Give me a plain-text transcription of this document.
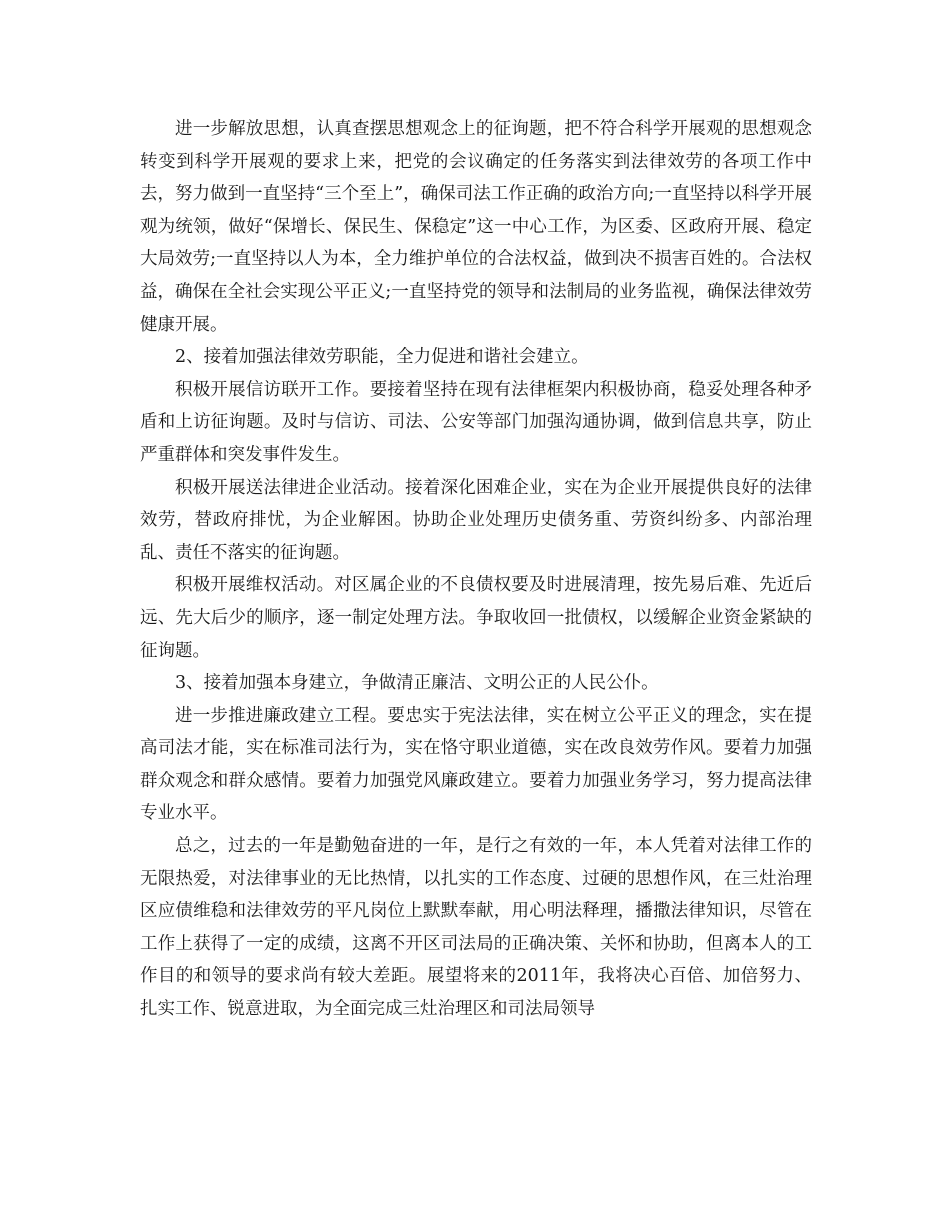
进一步解放思想，认真查摆思想观念上的征询题，把不符合科学开展观的思想观念转变到科学开展观的要求上来，把党的会议确定的任务落实到法律效劳的各项工作中去，努力做到一直坚持“三个至上”，确保司法工作正确的政治方向;一直坚持以科学开展观为统领，做好“保增长、保民生、保稳定”这一中心工作，为区委、区政府开展、稳定大局效劳;一直坚持以人为本，全力维护单位的合法权益，做到决不损害百姓的。合法权益，确保在全社会实现公平正义;一直坚持党的领导和法制局的业务监视，确保法律效劳健康开展。

2、接着加强法律效劳职能，全力促进和谐社会建立。

积极开展信访联开工作。要接着坚持在现有法律框架内积极协商，稳妥处理各种矛盾和上访征询题。及时与信访、司法、公安等部门加强沟通协调，做到信息共享，防止严重群体和突发事件发生。

积极开展送法律进企业活动。接着深化困难企业，实在为企业开展提供良好的法律效劳，替政府排忧，为企业解困。协助企业处理历史债务重、劳资纠纷多、内部治理乱、责任不落实的征询题。

积极开展维权活动。对区属企业的不良债权要及时进展清理，按先易后难、先近后远、先大后少的顺序，逐一制定处理方法。争取收回一批债权，以缓解企业资金紧缺的征询题。

3、接着加强本身建立，争做清正廉洁、文明公正的人民公仆。

进一步推进廉政建立工程。要忠实于宪法法律，实在树立公平正义的理念，实在提高司法才能，实在标准司法行为，实在恪守职业道德，实在改良效劳作风。要着力加强群众观念和群众感情。要着力加强党风廉政建立。要着力加强业务学习，努力提高法律专业水平。

总之，过去的一年是勤勉奋进的一年，是行之有效的一年，本人凭着对法律工作的无限热爱，对法律事业的无比热情，以扎实的工作态度、过硬的思想作风，在三灶治理区应债维稳和法律效劳的平凡岗位上默默奉献，用心明法释理，播撒法律知识，尽管在工作上获得了一定的成绩，这离不开区司法局的正确决策、关怀和协助，但离本人的工作目的和领导的要求尚有较大差距。展望将来的2011年，我将决心百倍、加倍努力、扎实工作、锐意进取，为全面完成三灶治理区和司法局领导
